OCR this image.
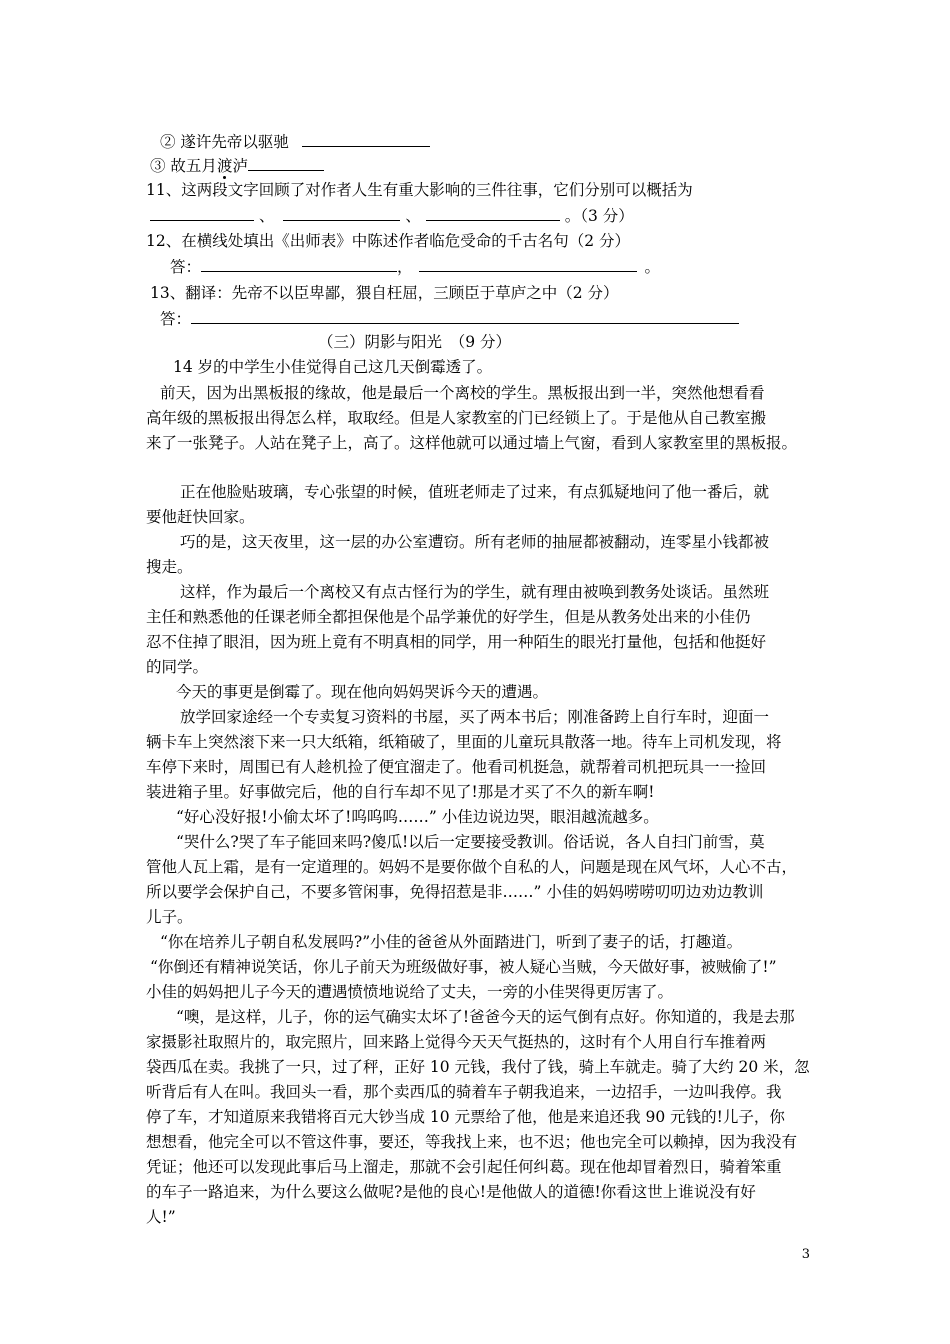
② 遂许先帝以驱驰
③ 故五月渡泸
11、这两段文字回顾了对作者人生有重大影响的三件往事，它们分别可以概括为
、	、	。（3 分）
12、在横线处填出《出师表》中陈述作者临危受命的千古名句（2 分）
答：	，	。
13、翻译：先帝不以臣卑鄙，猥自枉屈，三顾臣于草庐之中（2 分）
答：
（三）阴影与阳光　（9 分）
14 岁的中学生小佳觉得自己这几天倒霉透了。
前天，因为出黑板报的缘故，他是最后一个离校的学生。黑板报出到一半，突然他想看看
高年级的黑板报出得怎么样，取取经。但是人家教室的门已经锁上了。于是他从自己教室搬
来了一张凳子。人站在凳子上，高了。这样他就可以通过墙上气窗，看到人家教室里的黑板报。
正在他脸贴玻璃，专心张望的时候，值班老师走了过来，有点狐疑地问了他一番后，就
要他赶快回家。
巧的是，这天夜里，这一层的办公室遭窃。所有老师的抽屉都被翻动，连零星小钱都被
搜走。
这样，作为最后一个离校又有点古怪行为的学生，就有理由被唤到教务处谈话。虽然班
主任和熟悉他的任课老师全都担保他是个品学兼优的好学生，但是从教务处出来的小佳仍
忍不住掉了眼泪，因为班上竟有不明真相的同学，用一种陌生的眼光打量他，包括和他挺好
的同学。
今天的事更是倒霉了。现在他向妈妈哭诉今天的遭遇。
放学回家途经一个专卖复习资料的书屋，买了两本书后；刚准备跨上自行车时，迎面一
辆卡车上突然滚下来一只大纸箱，纸箱破了，里面的儿童玩具散落一地。待车上司机发现，将
车停下来时，周围已有人趁机捡了便宜溜走了。他看司机挺急，就帮着司机把玩具一一捡回
装进箱子里。好事做完后，他的自行车却不见了!那是才买了不久的新车啊!
“好心没好报!小偷太坏了!呜呜呜……” 小佳边说边哭，眼泪越流越多。
“哭什么?哭了车子能回来吗?傻瓜!以后一定要接受教训。俗话说，各人自扫门前雪，莫
管他人瓦上霜，是有一定道理的。妈妈不是要你做个自私的人，问题是现在风气坏，人心不古，
所以要学会保护自己，不要多管闲事，免得招惹是非……” 小佳的妈妈唠唠叨叨边劝边教训
儿子。
“你在培养儿子朝自私发展吗?”小佳的爸爸从外面踏进门，听到了妻子的话，打趣道。
“你倒还有精神说笑话，你儿子前天为班级做好事，被人疑心当贼，今天做好事，被贼偷了!”
小佳的妈妈把儿子今天的遭遇愤愤地说给了丈夫，一旁的小佳哭得更厉害了。
“噢，是这样，儿子，你的运气确实太坏了!爸爸今天的运气倒有点好。你知道的，我是去那
家摄影社取照片的，取完照片，回来路上觉得今天天气挺热的，这时有个人用自行车推着两
袋西瓜在卖。我挑了一只，过了秤，正好 10 元钱，我付了钱，骑上车就走。骑了大约 20 米，忽
听背后有人在叫。我回头一看，那个卖西瓜的骑着车子朝我追来，一边招手，一边叫我停。我
停了车，才知道原来我错将百元大钞当成 10 元票给了他，他是来追还我 90 元钱的!儿子，你
想想看，他完全可以不管这件事，要还，等我找上来，也不迟；他也完全可以赖掉，因为我没有
凭证；他还可以发现此事后马上溜走，那就不会引起任何纠葛。现在他却冒着烈日，骑着笨重
的车子一路追来，为什么要这么做呢?是他的良心!是他做人的道德!你看这世上谁说没有好
人!”
3
